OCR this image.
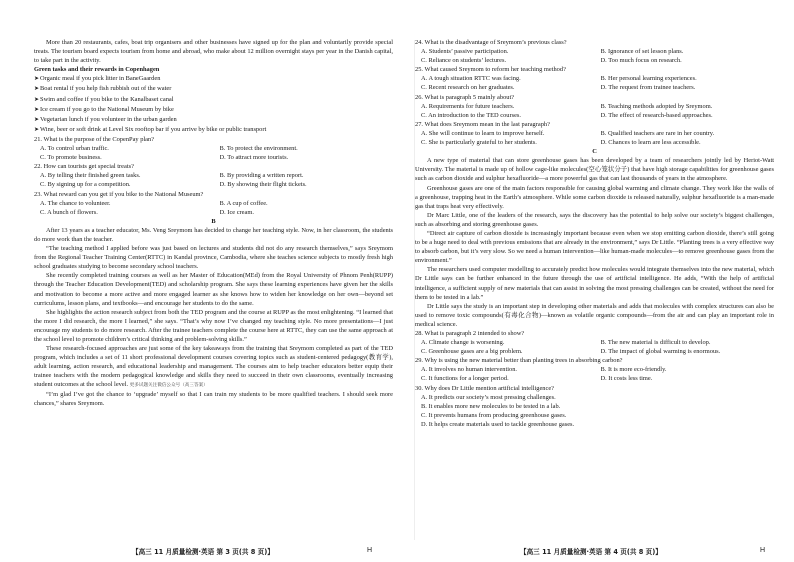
More than 20 restaurants, cafes, boat trip organisers and other businesses have signed up for the plan and voluntarily provide special treats. The tourism board expects tourism from home and abroad, who make about 12 million overnight stays per year in the Danish capital, to take part in the activity.

Green tasks and their rewards in Copenhagen

➤Organic meal if you pick litter in BaneGaarden

➤Boat rental if you help fish rubbish out of the water

➤Swim and coffee if you bike to the Kanalbaset canal

➤Ice cream if you go to the National Museum by bike

➤Vegetarian lunch if you volunteer in the urban garden

➤Wine, beer or soft drink at Level Six rooftop bar if you arrive by bike or public transport

21. What is the purpose of the CopenPay plan?

A. To control urban traffic.	B. To protect the environment.
C. To promote business.	D. To attract more tourists.

22. How can tourists get special treats?

A. By telling their finished green tasks.	B. By providing a written report.
C. By signing up for a competition.	D. By showing their flight tickets.

23. What reward can you get if you bike to the National Museum?

A. The chance to volunteer.	B. A cup of coffee.
C. A bunch of flowers.	D. Ice cream.

B

After 13 years as a teacher educator, Ms. Veng Sreymom has decided to change her teaching style. Now, in her classroom, the students do more work than the teacher.

“The teaching method I applied before was just based on lectures and students did not do any research themselves,” says Sreymom from the Regional Teacher Training Center(RTTC) in Kandal province, Cambodia, where she teaches science subjects to mostly fresh high school graduates studying to become secondary school teachers.

She recently completed training courses as well as her Master of Education(MEd) from the Royal University of Phnom Penh(RUPP) through the Teacher Education Development(TED) and scholarship program. She says these learning experiences have given her the skills and motivation to become a more active and more engaged learner as she knows how to widen her knowledge on her own—beyond set curriculums, lesson plans, and textbooks—and encourage her students to do the same.

She highlights the action research subject from both the TED program and the course at RUPP as the most enlightening. “I learned that the more I did research, the more I learned,” she says. “That’s why now I’ve changed my teaching style. No more presentations—I just encourage my students to do more research. After the trainee teachers complete the course here at RTTC, they can use the same approach at the school level to promote children’s critical thinking and problem-solving skills.”

These research-focused approaches are just some of the key takeaways from the training that Sreymom completed as part of the TED program, which includes a set of 11 short professional development courses covering topics such as student-centered pedagogy(教育学), adult learning, action research, and educational leadership and management. The courses aim to help teacher educators better equip their trainee teachers with the modern pedagogical knowledge and skills they need to succeed in their own classrooms, eventually increasing student outcomes at the school level. 更多试题关注微信公众号（高三答案）

“I’m glad I’ve got the chance to ‘upgrade’ myself so that I can train my students to be more qualified teachers. I should seek more chances,” shares Sreymom.

24. What is the disadvantage of Sreymom’s previous class?

A. Students’ passive participation.	B. Ignorance of set lesson plans.
C. Reliance on students’ lectures.	D. Too much focus on research.

25. What caused Sreymom to reform her teaching method?

A. A tough situation RTTC was facing.	B. Her personal learning experiences.
C. Recent research on her graduates.	D. The request from trainee teachers.

26. What is paragraph 5 mainly about?

A. Requirements for future teachers.	B. Teaching methods adopted by Sreymom.
C. An introduction to the TED courses.	D. The effect of research-based approaches.

27. What does Sreymom mean in the last paragraph?

A. She will continue to learn to improve herself.	B. Qualified teachers are rare in her country.
C. She is particularly grateful to her students.	D. Chances to learn are less accessible.

C

A new type of material that can store greenhouse gases has been developed by a team of researchers jointly led by Heriot-Watt University. The material is made up of hollow cage-like molecules(空心笼状分子) that have high storage capabilities for greenhouse gases such as carbon dioxide and sulphur hexafluoride—a more powerful gas that can last thousands of years in the atmosphere.

Greenhouse gases are one of the main factors responsible for causing global warming and climate change. They work like the walls of a greenhouse, trapping heat in the Earth’s atmosphere. While some carbon dioxide is released naturally, sulphur hexafluoride is a man-made gas that traps heat very effectively.

Dr Marc Little, one of the leaders of the research, says the discovery has the potential to help solve our society’s biggest challenges, such as absorbing and storing greenhouse gases.

“Direct air capture of carbon dioxide is increasingly important because even when we stop emitting carbon dioxide, there’s still going to be a huge need to deal with previous emissions that are already in the environment,” says Dr Little. “Planting trees is a very effective way to absorb carbon, but it’s very slow. So we need a human intervention—like human-made molecules—to remove greenhouse gases from the environment.”

The researchers used computer modelling to accurately predict how molecules would integrate themselves into the new material, which Dr Little says can be further enhanced in the future through the use of artificial intelligence. He adds, “With the help of artificial intelligence, a sufficient supply of new materials that can assist in solving the most pressing challenges can be created, without the need for them to be tested in a lab.”

Dr Little says the study is an important step in developing other materials and adds that molecules with complex structures can also be used to remove toxic compounds(有毒化合物)—known as volatile organic compounds—from the air and can play an important role in medical science.

28. What is paragraph 2 intended to show?

A. Climate change is worsening.	B. The new material is difficult to develop.
C. Greenhouse gases are a big problem.	D. The impact of global warming is enormous.

29. Why is using the new material better than planting trees in absorbing carbon?

A. It involves no human intervention.	B. It is more eco-friendly.
C. It functions for a longer period.	D. It costs less time.

30. Why does Dr Little mention artificial intelligence?

A. It predicts our society’s most pressing challenges.

B. It enables more new molecules to be tested in a lab.

C. It prevents humans from producing greenhouse gases.

D. It helps create materials used to tackle greenhouse gases.

【高三 11 月质量检测·英语 第 3 页(共 8 页)】	H	【高三 11 月质量检测·英语 第 4 页(共 8 页)】	H
